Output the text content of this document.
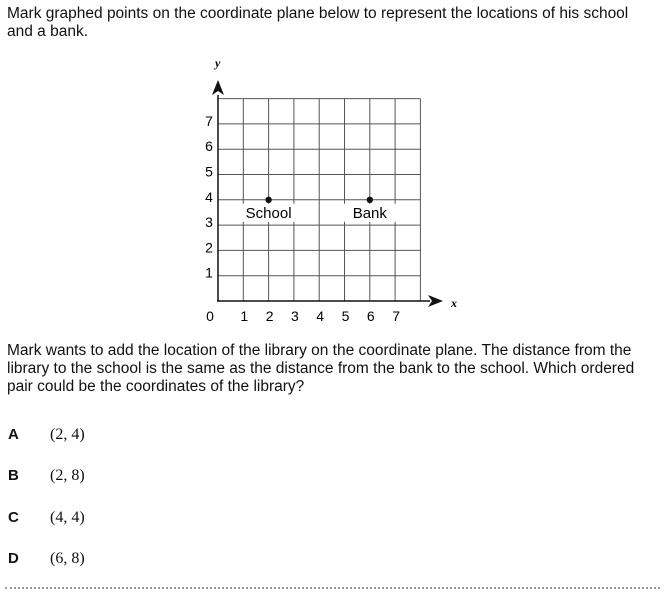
Mark graphed points on the coordinate plane below to represent the locations of his school and a bank.

x
y
0 1 2 3 4 5 6 7
1
2
3
4
5
6
7
School	Bank

Mark wants to add the location of the library on the coordinate plane. The distance from the library to the school is the same as the distance from the bank to the school. Which ordered pair could be the coordinates of the library?

A	(2, 4)
B	(2, 8)
C	(4, 4)
D	(6, 8)
